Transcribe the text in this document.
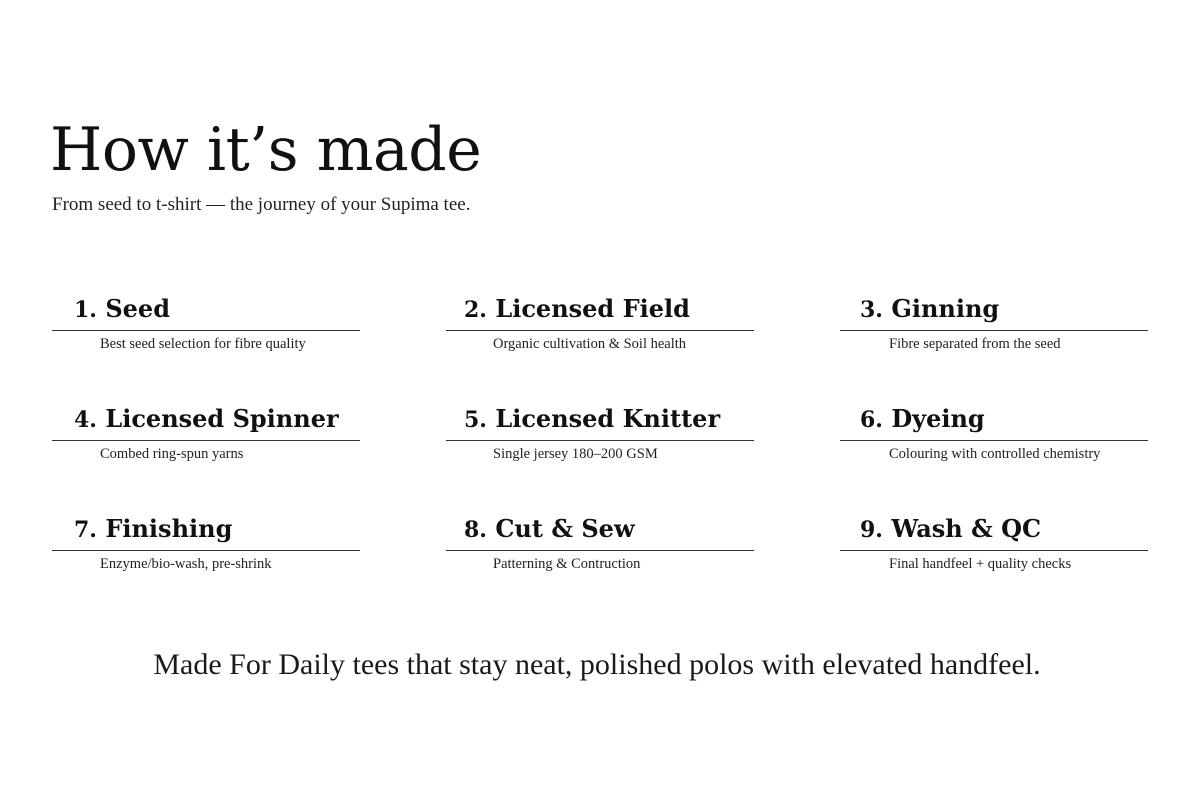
How it’s made

From seed to t-shirt — the journey of your Supima tee.

1. Seed

Best seed selection for fibre quality

2. Licensed Field

Organic cultivation & Soil health

3. Ginning

Fibre separated from the seed

4. Licensed Spinner

Combed ring-spun yarns

5. Licensed Knitter

Single jersey 180–200 GSM

6. Dyeing

Colouring with controlled chemistry

7. Finishing

Enzyme/bio-wash, pre-shrink

8. Cut & Sew

Patterning & Contruction

9. Wash & QC

Final handfeel + quality checks

Made For Daily tees that stay neat, polished polos with elevated handfeel.
